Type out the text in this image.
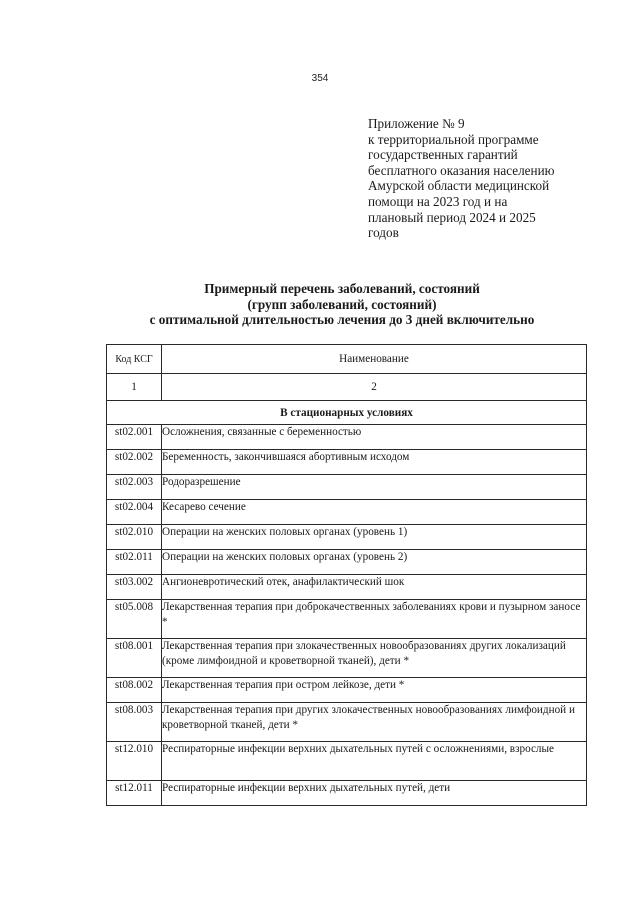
354
Приложение № 9
к территориальной программе
государственных гарантий
бесплатного оказания населению
Амурской области медицинской
помощи на 2023 год и на
плановый период 2024 и 2025
годов
Примерный перечень заболеваний, состояний
(групп заболеваний, состояний)
с оптимальной длительностью лечения до 3 дней включительно
Код КСГ	Наименование
1	2
В стационарных условиях	
st02.001	Осложнения, связанные с беременностью
st02.002	Беременность, закончившаяся абортивным исходом
st02.003	Родоразрешение
st02.004	Кесарево сечение
st02.010	Операции на женских половых органах (уровень 1)
st02.011	Операции на женских половых органах (уровень 2)
st03.002	Ангионевротический отек, анафилактический шок
st05.008	Лекарственная терапия при доброкачественных заболеваниях крови и пузырном заносе *
st08.001	Лекарственная терапия при злокачественных новообразованиях других локализаций (кроме лимфоидной и кроветворной тканей), дети *
st08.002	Лекарственная терапия при остром лейкозе, дети *
st08.003	Лекарственная терапия при других злокачественных новообразованиях лимфоидной и кроветворной тканей, дети *
st12.010	Респираторные инфекции верхних дыхательных путей с осложнениями, взрослые
st12.011	Респираторные инфекции верхних дыхательных путей, дети
